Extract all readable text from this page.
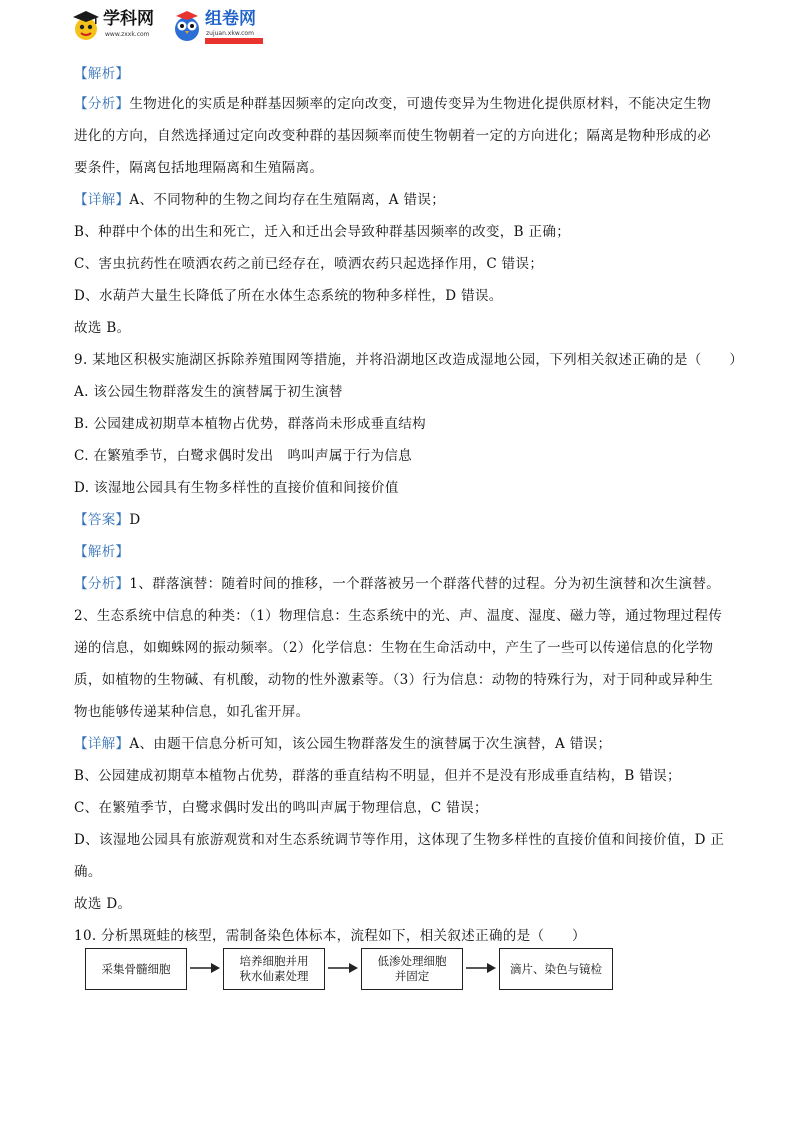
学科网
www.zxxk.com
组卷网
zujuan.xkw.com
【解析】
【分析】生物进化的实质是种群基因频率的定向改变，可遗传变异为生物进化提供原材料，不能决定生物
进化的方向，自然选择通过定向改变种群的基因频率而使生物朝着一定的方向进化；隔离是物种形成的必
要条件，隔离包括地理隔离和生殖隔离。
【详解】A、不同物种的生物之间均存在生殖隔离，A 错误；
B、种群中个体的出生和死亡，迁入和迁出会导致种群基因频率的改变，B 正确；
C、害虫抗药性在喷洒农药之前已经存在，喷洒农药只起选择作用，C 错误；
D、水葫芦大量生长降低了所在水体生态系统的物种多样性，D 错误。
故选 B。
9. 某地区积极实施湖区拆除养殖围网等措施，并将沿湖地区改造成湿地公园，下列相关叙述正确的是（　　）
A. 该公园生物群落发生的演替属于初生演替
B. 公园建成初期草本植物占优势，群落尚未形成垂直结构
C. 在繁殖季节，白鹭求偶时发出　鸣叫声属于行为信息
D. 该湿地公园具有生物多样性的直接价值和间接价值
【答案】D
【解析】
【分析】1、群落演替：随着时间的推移，一个群落被另一个群落代替的过程。分为初生演替和次生演替。
2、生态系统中信息的种类：（1）物理信息：生态系统中的光、声、温度、湿度、磁力等，通过物理过程传
递的信息，如蜘蛛网的振动频率。（2）化学信息：生物在生命活动中，产生了一些可以传递信息的化学物
质，如植物的生物碱、有机酸，动物的性外激素等。（3）行为信息：动物的特殊行为，对于同种或异种生
物也能够传递某种信息，如孔雀开屏。
【详解】A、由题干信息分析可知，该公园生物群落发生的演替属于次生演替，A 错误；
B、公园建成初期草本植物占优势，群落的垂直结构不明显，但并不是没有形成垂直结构，B 错误；
C、在繁殖季节，白鹭求偶时发出的鸣叫声属于物理信息，C 错误；
D、该湿地公园具有旅游观赏和对生态系统调节等作用，这体现了生物多样性的直接价值和间接价值，D 正
确。
故选 D。
10. 分析黑斑蛙的核型，需制备染色体标本，流程如下，相关叙述正确的是（　　）
采集骨髓细胞
培养细胞并用
秋水仙素处理
低渗处理细胞
并固定
滴片、染色与镜检
